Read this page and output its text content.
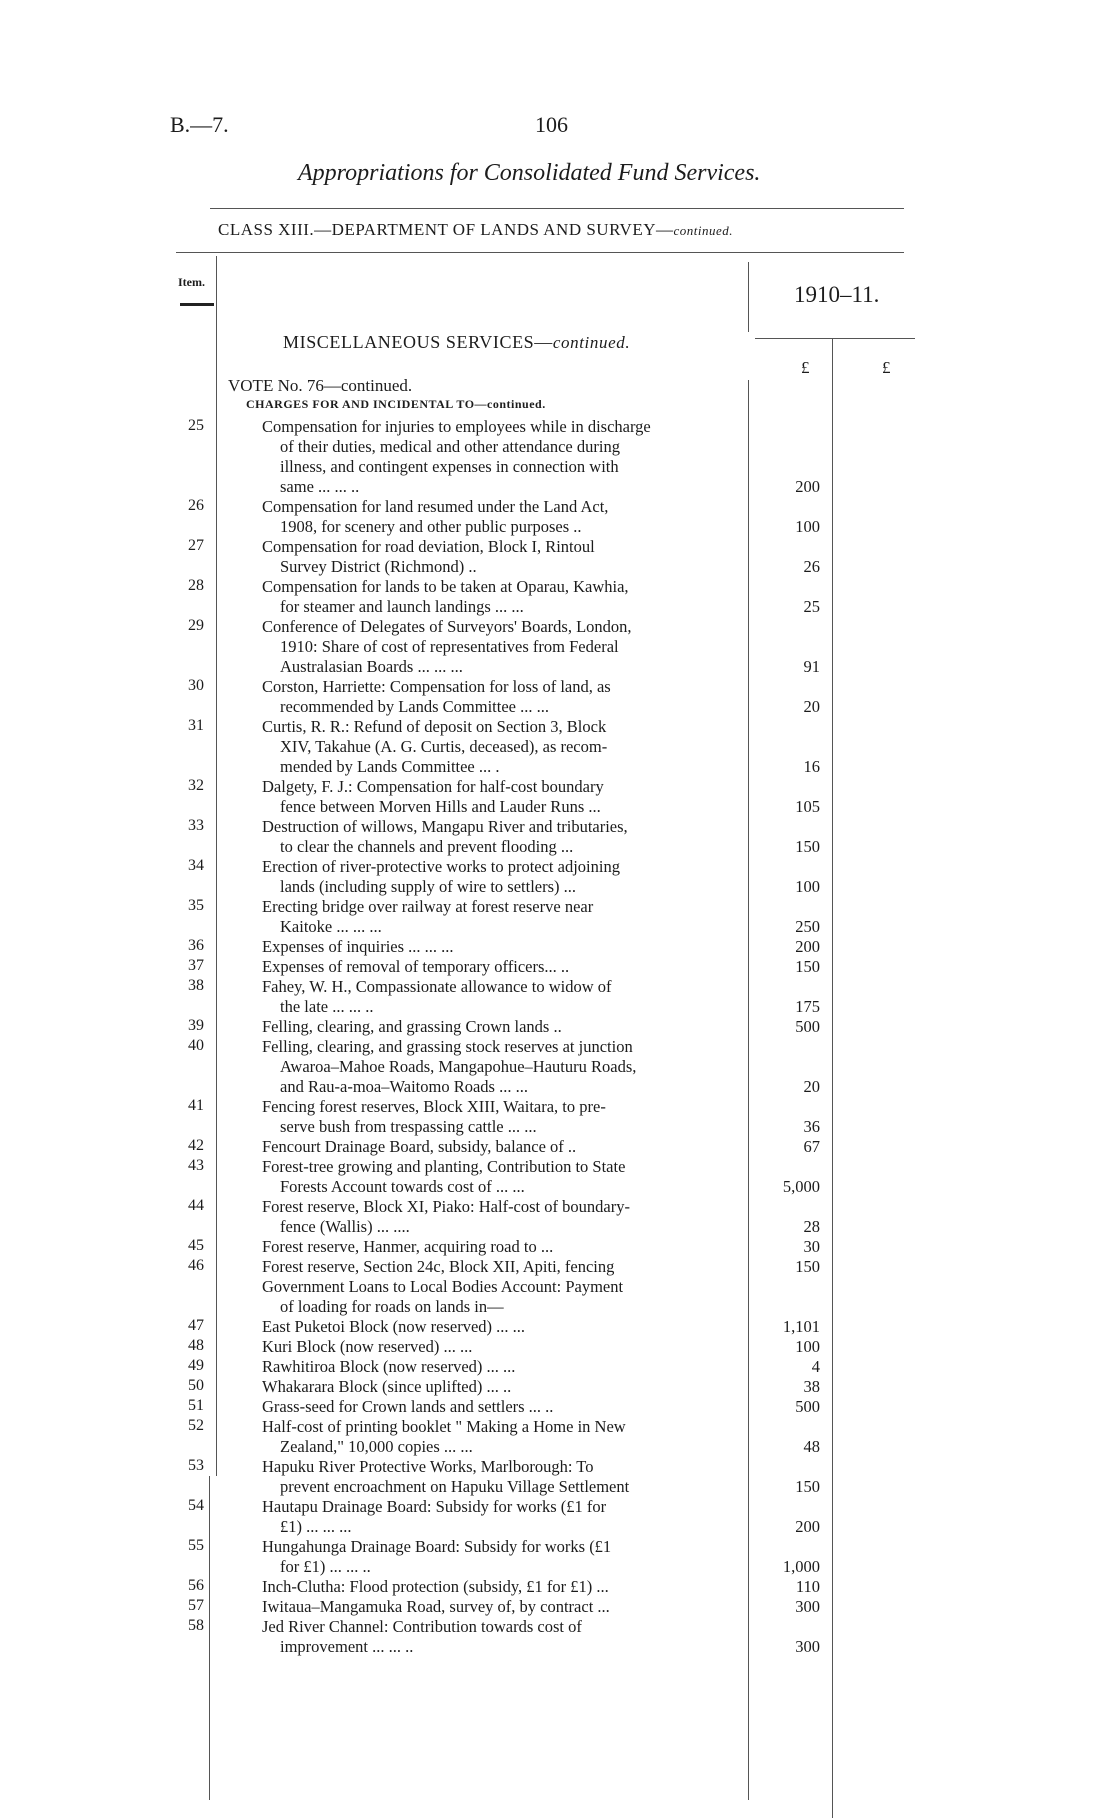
B.—7.	106
Appropriations for Consolidated Fund Services.
CLASS XIII.—DEPARTMENT OF LANDS AND SURVEY—continued.
Item.	1910–11.
£	£
MISCELLANEOUS SERVICES—continued.
VOTE No. 76—continued.
CHARGES FOR AND INCIDENTAL TO—continued.
25	Compensation for injuries to employees while in discharge
of their duties, medical and other attendance during
illness, and contingent expenses in connection with
same ... ... ..	200
26	Compensation for land resumed under the Land Act,
1908, for scenery and other public purposes ..	100
27	Compensation for road deviation, Block I, Rintoul
Survey District (Richmond) ..	26
28	Compensation for lands to be taken at Oparau, Kawhia,
for steamer and launch landings ... ...	25
29	Conference of Delegates of Surveyors' Boards, London,
1910: Share of cost of representatives from Federal
Australasian Boards ... ... ...	91
30	Corston, Harriette: Compensation for loss of land, as
recommended by Lands Committee ... ...	20
31	Curtis, R. R.: Refund of deposit on Section 3, Block
XIV, Takahue (A. G. Curtis, deceased), as recom-
mended by Lands Committee ... .	16
32	Dalgety, F. J.: Compensation for half-cost boundary
fence between Morven Hills and Lauder Runs ...	105
33	Destruction of willows, Mangapu River and tributaries,
to clear the channels and prevent flooding ...	150
34	Erection of river-protective works to protect adjoining
lands (including supply of wire to settlers) ...	100
35	Erecting bridge over railway at forest reserve near
Kaitoke ... ... ...	250
36	Expenses of inquiries ... ... ...	200
37	Expenses of removal of temporary officers... ..	150
38	Fahey, W. H., Compassionate allowance to widow of
the late ... ... ..	175
39	Felling, clearing, and grassing Crown lands ..	500
40	Felling, clearing, and grassing stock reserves at junction
Awaroa–Mahoe Roads, Mangapohue–Hauturu Roads,
and Rau-a-moa–Waitomo Roads ... ...	20
41	Fencing forest reserves, Block XIII, Waitara, to pre-
serve bush from trespassing cattle ... ...	36
42	Fencourt Drainage Board, subsidy, balance of ..	67
43	Forest-tree growing and planting, Contribution to State
Forests Account towards cost of ... ...	5,000
44	Forest reserve, Block XI, Piako: Half-cost of boundary-
fence (Wallis) ... ....	28
45	Forest reserve, Hanmer, acquiring road to ...	30
46	Forest reserve, Section 24c, Block XII, Apiti, fencing	150
Government Loans to Local Bodies Account: Payment
of loading for roads on lands in—
47	East Puketoi Block (now reserved) ... ...	1,101
48	Kuri Block (now reserved) ... ...	100
49	Rawhitiroa Block (now reserved) ... ...	4
50	Whakarara Block (since uplifted) ... ..	38
51	Grass-seed for Crown lands and settlers ... ..	500
52	Half-cost of printing booklet " Making a Home in New
Zealand," 10,000 copies ... ...	48
53	Hapuku River Protective Works, Marlborough: To
prevent encroachment on Hapuku Village Settlement	150
54	Hautapu Drainage Board: Subsidy for works (£1 for
£1) ... ... ...	200
55	Hungahunga Drainage Board: Subsidy for works (£1
for £1) ... ... ..	1,000
56	Inch-Clutha: Flood protection (subsidy, £1 for £1) ...	110
57	Iwitaua–Mangamuka Road, survey of, by contract ...	300
58	Jed River Channel: Contribution towards cost of
improvement ... ... ..	300
